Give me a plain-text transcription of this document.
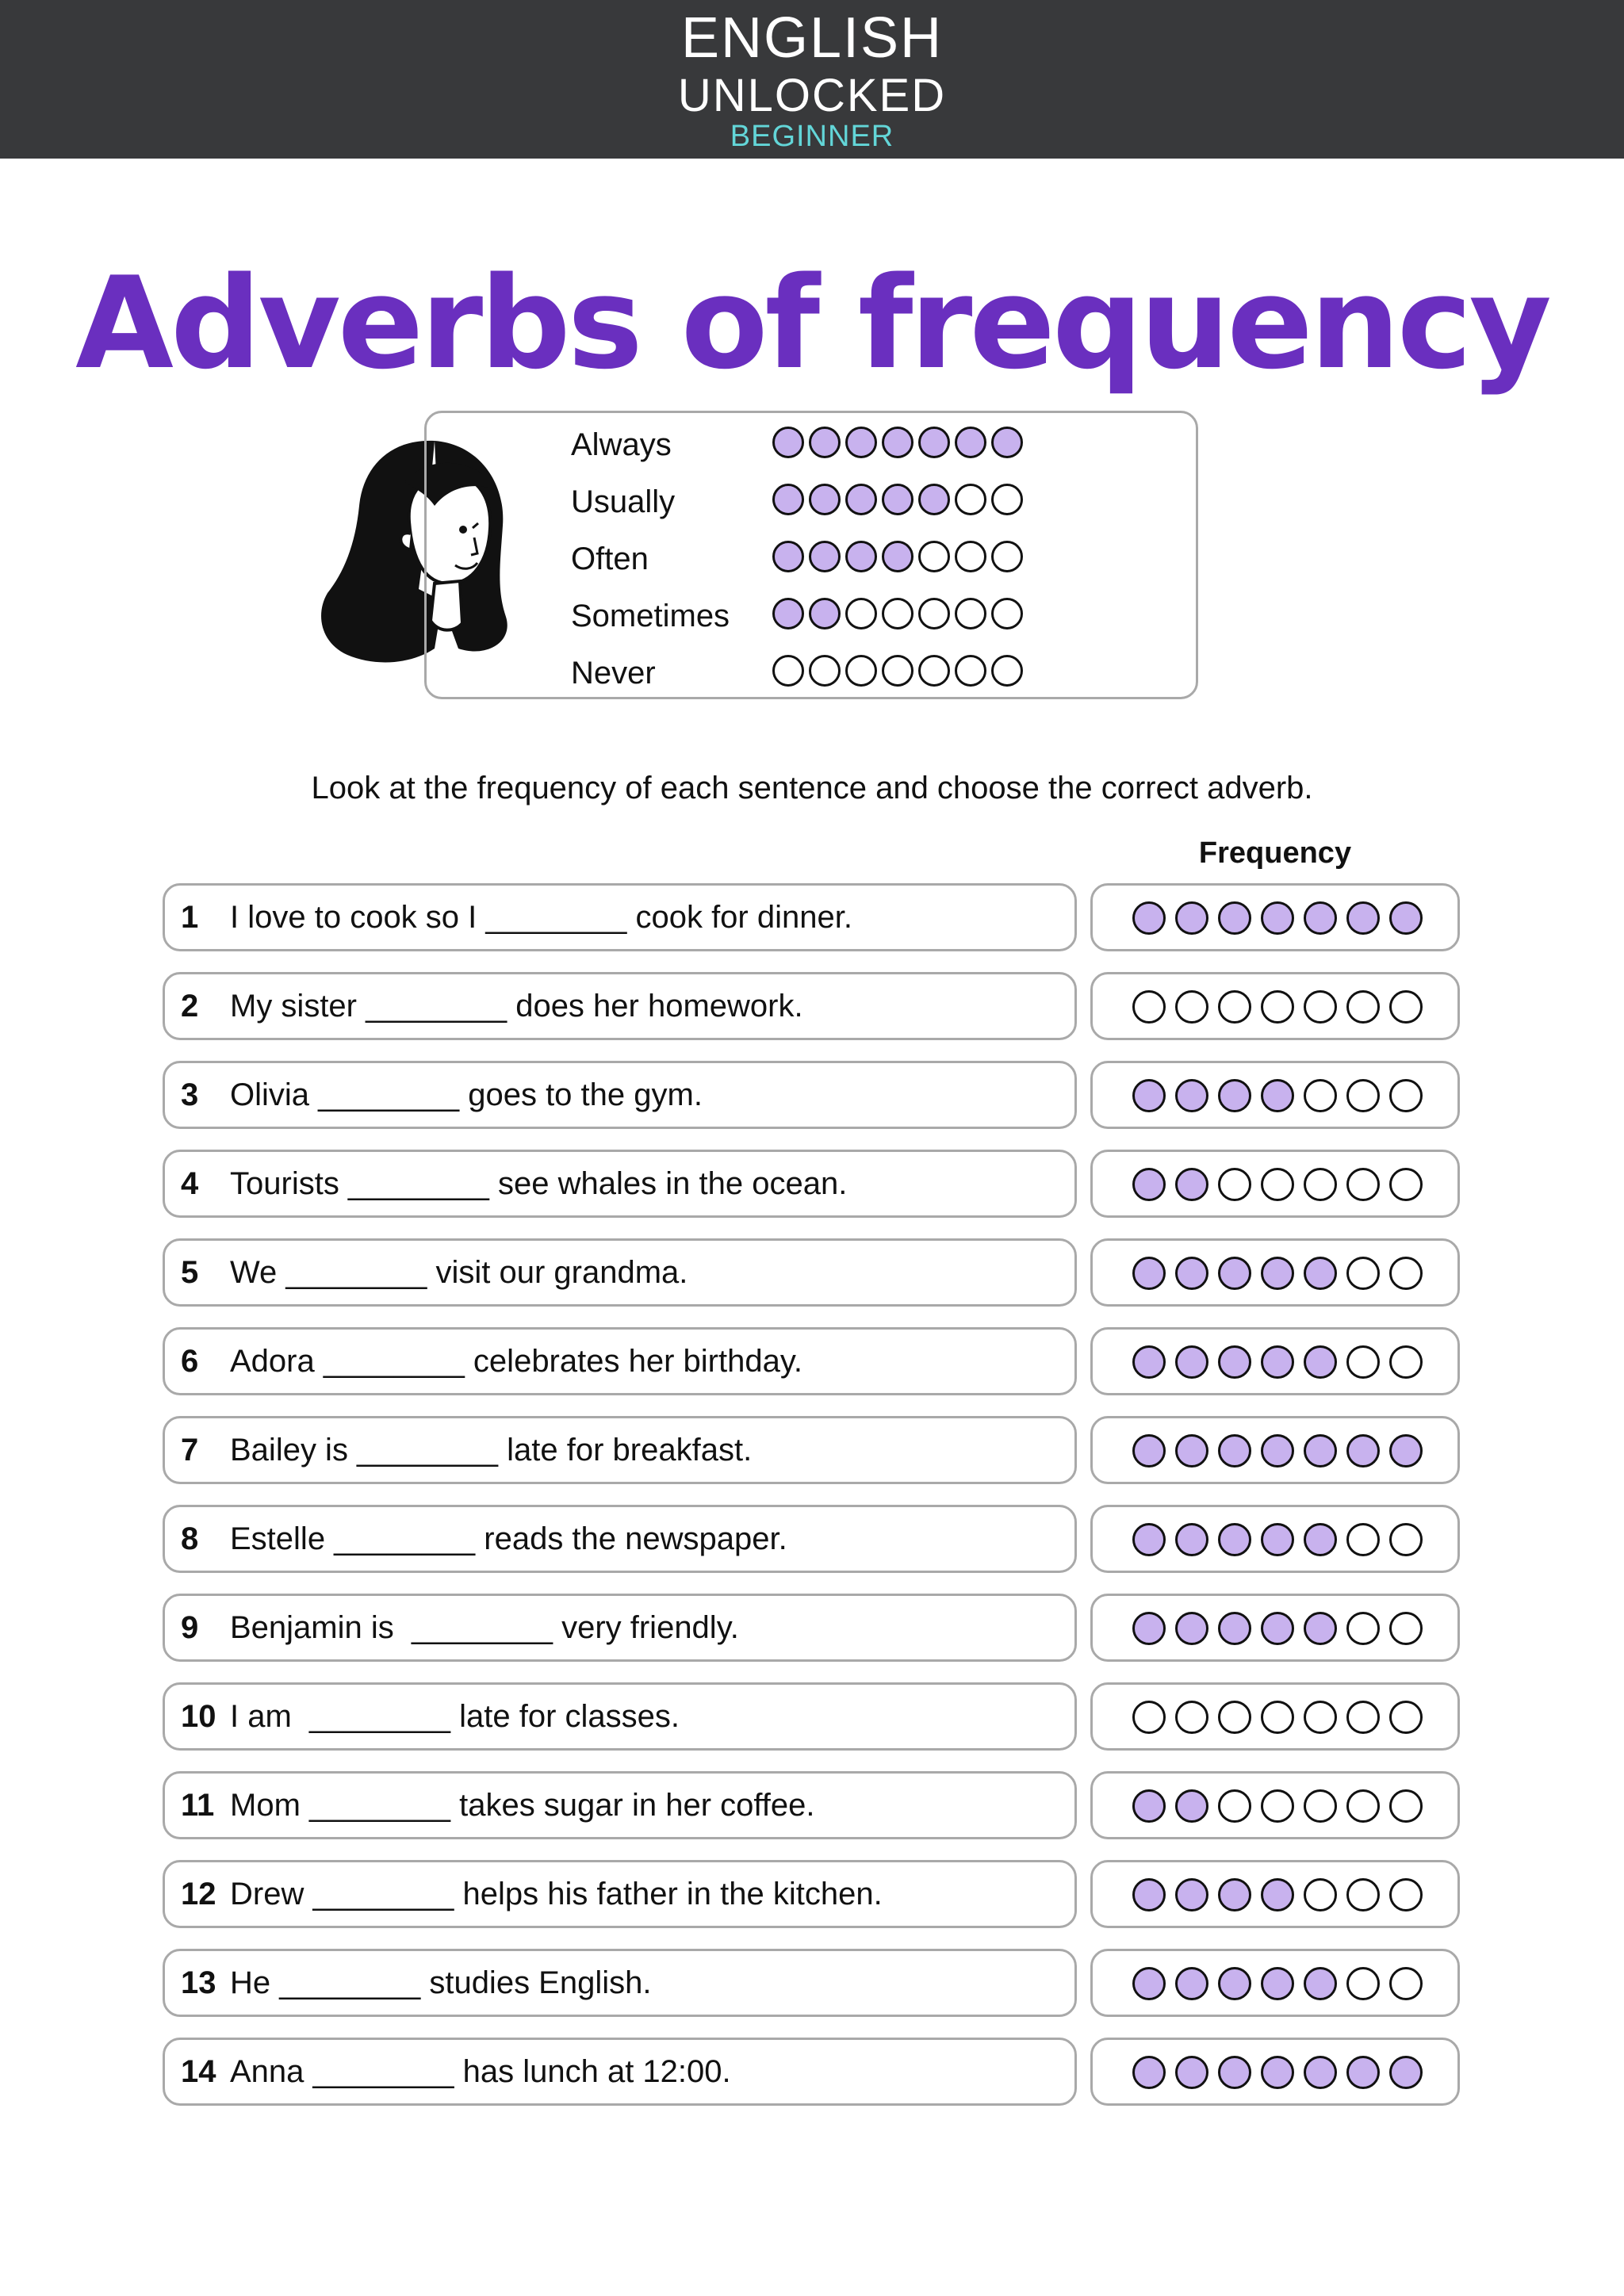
ENGLISH
UNLOCKED
BEGINNER
Adverbs of frequency
Always
Usually
Often
Sometimes
Never
Look at the frequency of each sentence and choose the correct adverb.
Frequency
1 I love to cook so I ________ cook for dinner.
2 My sister ________ does her homework.
3 Olivia ________ goes to the gym.
4 Tourists ________ see whales in the ocean.
5 We ________ visit our grandma.
6 Adora ________ celebrates her birthday.
7 Bailey is ________ late for breakfast.
8 Estelle ________ reads the newspaper.
9 Benjamin is  ________ very friendly.
10 I am  ________ late for classes.
11 Mom ________ takes sugar in her coffee.
12 Drew ________ helps his father in the kitchen.
13 He ________ studies English.
14 Anna ________ has lunch at 12:00.
